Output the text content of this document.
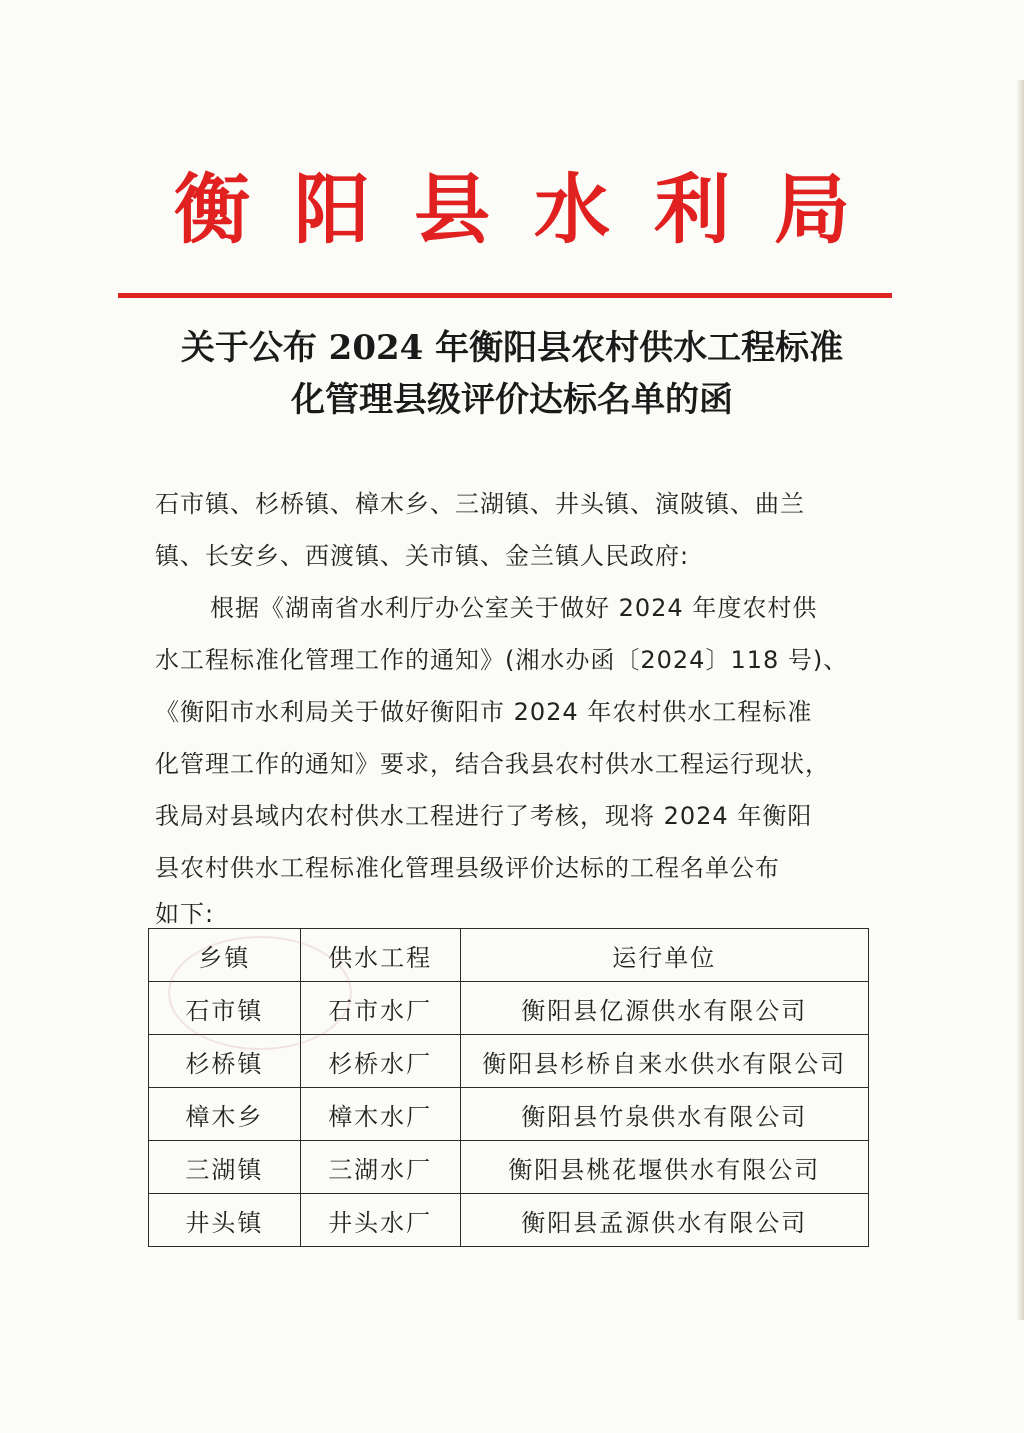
衡阳县水利局
关于公布 2024 年衡阳县农村供水工程标准
化管理县级评价达标名单的函
石市镇、杉桥镇、樟木乡、三湖镇、井头镇、演陂镇、曲兰
镇、长安乡、西渡镇、关市镇、金兰镇人民政府:
根据《湖南省水利厅办公室关于做好 2024 年度农村供
水工程标准化管理工作的通知》(湘水办函〔2024〕118 号)、
《衡阳市水利局关于做好衡阳市 2024 年农村供水工程标准
化管理工作的通知》要求，结合我县农村供水工程运行现状，
我局对县域内农村供水工程进行了考核，现将 2024 年衡阳
县农村供水工程标准化管理县级评价达标的工程名单公布
如下:
乡镇	供水工程	运行单位
石市镇	石市水厂	衡阳县亿源供水有限公司
杉桥镇	杉桥水厂	衡阳县杉桥自来水供水有限公司
樟木乡	樟木水厂	衡阳县竹泉供水有限公司
三湖镇	三湖水厂	衡阳县桃花堰供水有限公司
井头镇	井头水厂	衡阳县孟源供水有限公司
